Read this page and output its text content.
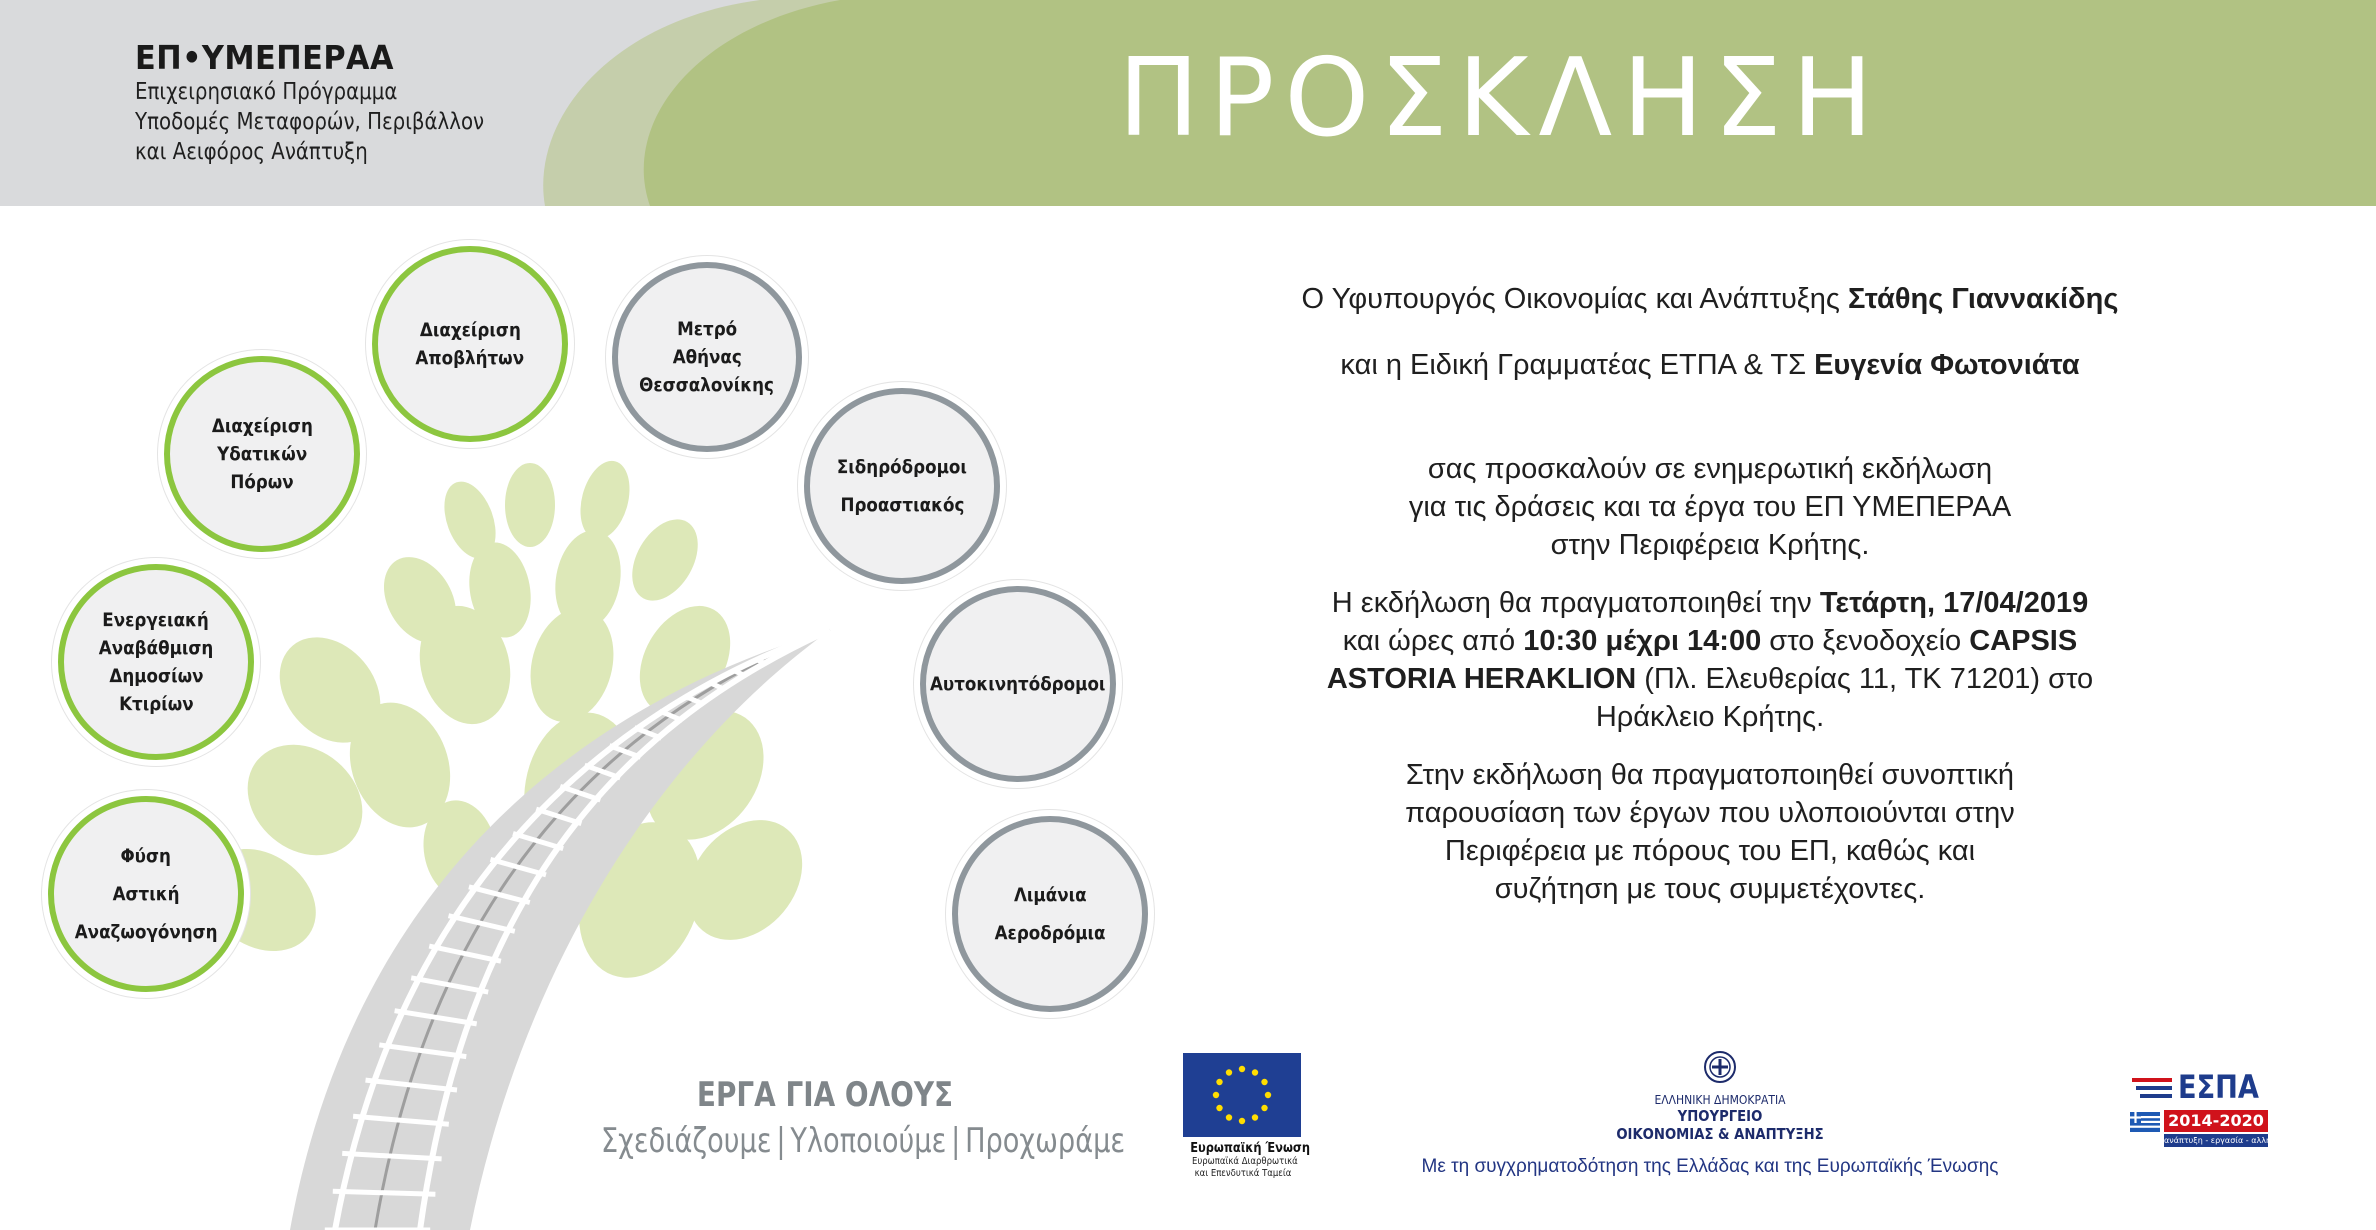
ΕΠ•ΥΜΕΠΕΡΑΑ
Επιχειρησιακό Πρόγραμμα
Υποδομές Μεταφορών, Περιβάλλον
και Αειφόρος Ανάπτυξη	ΠΡΟΣΚΛΗΣΗ
Διαχείριση
Αποβλήτων
Μετρό
Αθήνας
Θεσσαλονίκης
Διαχείριση
Υδατικών
Πόρων
Σιδηρόδρομοι
Προαστιακός
Ενεργειακή
Αναβάθμιση
Δημοσίων
Κτιρίων
Αυτοκινητόδρομοι
Φύση
Αστική
Αναζωογόνηση
Λιμάνια
Αεροδρόμια
ΕΡΓΑ ΓΙΑ ΟΛΟΥΣ
Σχεδιάζουμε | Υλοποιούμε | Προχωράμε

Ο Υφυπουργός Οικονομίας και Ανάπτυξης Στάθης Γιαννακίδης

και η Ειδική Γραμματέας ΕΤΠΑ & ΤΣ Ευγενία Φωτονιάτα

σας προσκαλούν σε ενημερωτική εκδήλωση

για τις δράσεις και τα έργα του ΕΠ ΥΜΕΠΕΡΑΑ

στην Περιφέρεια Κρήτης.

Η εκδήλωση θα πραγματοποιηθεί την Τετάρτη, 17/04/2019

και ώρες από 10:30 μέχρι 14:00 στο ξενοδοχείο CAPSIS

ASTORIA HERAKLION (Πλ. Ελευθερίας 11, ΤΚ 71201) στο

Ηράκλειο Κρήτης.

Στην εκδήλωση θα πραγματοποιηθεί συνοπτική

παρουσίαση των έργων που υλοποιούνται στην

Περιφέρεια με πόρους του ΕΠ, καθώς και

συζήτηση με τους συμμετέχοντες.

Ευρωπαϊκή Ένωση
Ευρωπαϊκά Διαρθρωτικά
και Επενδυτικά Ταμεία
ΕΛΛΗΝΙΚΗ ΔΗΜΟΚΡΑΤΙΑ
ΥΠΟΥΡΓΕΙΟ
ΟΙΚΟΝΟΜΙΑΣ & ΑΝΑΠΤΥΞΗΣ
Με τη συγχρηματοδότηση της Ελλάδας και της Ευρωπαϊκής Ένωσης
ΕΣΠΑ
2014-2020
ανάπτυξη - εργασία - αλληλεγγύη
